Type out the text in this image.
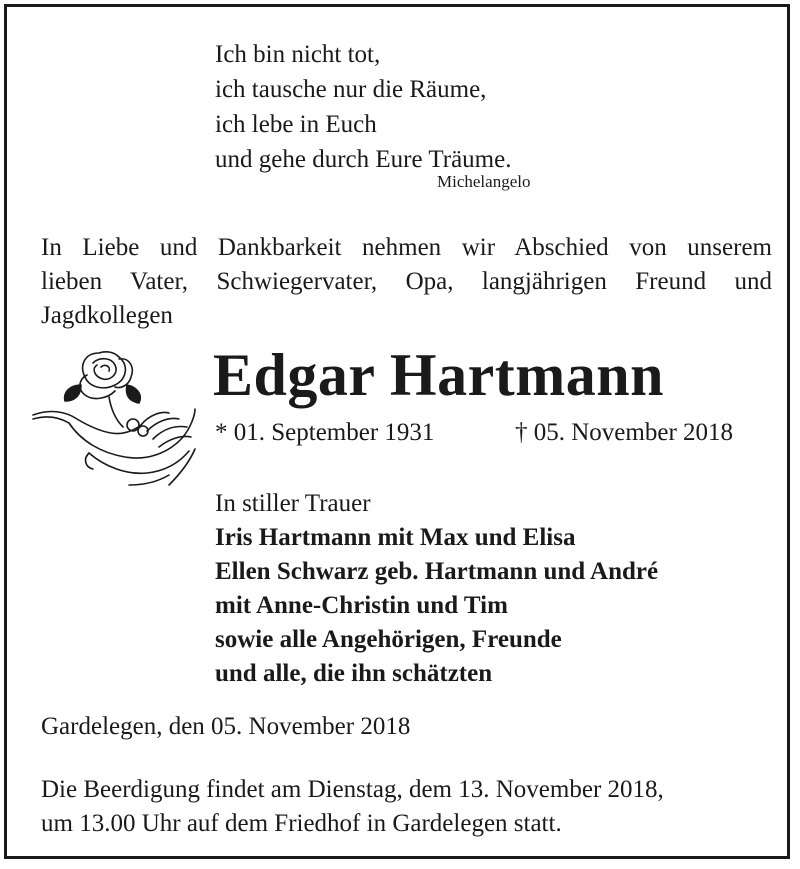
Ich bin nicht tot,
ich tausche nur die Räume,
ich lebe in Euch
und gehe durch Eure Träume.
Michelangelo
In Liebe und Dankbarkeit nehmen wir Abschied von unserem
lieben Vater, Schwiegervater, Opa, langjährigen Freund und
Jagdkollegen
Edgar Hartmann
* 01. September 1931	† 05. November 2018
In stiller Trauer
Iris Hartmann mit Max und Elisa
Ellen Schwarz geb. Hartmann und André
mit Anne-Christin und Tim
sowie alle Angehörigen, Freunde
und alle, die ihn schätzten
Gardelegen, den 05. November 2018
Die Beerdigung findet am Dienstag, dem 13. November 2018,
um 13.00 Uhr auf dem Friedhof in Gardelegen statt.
